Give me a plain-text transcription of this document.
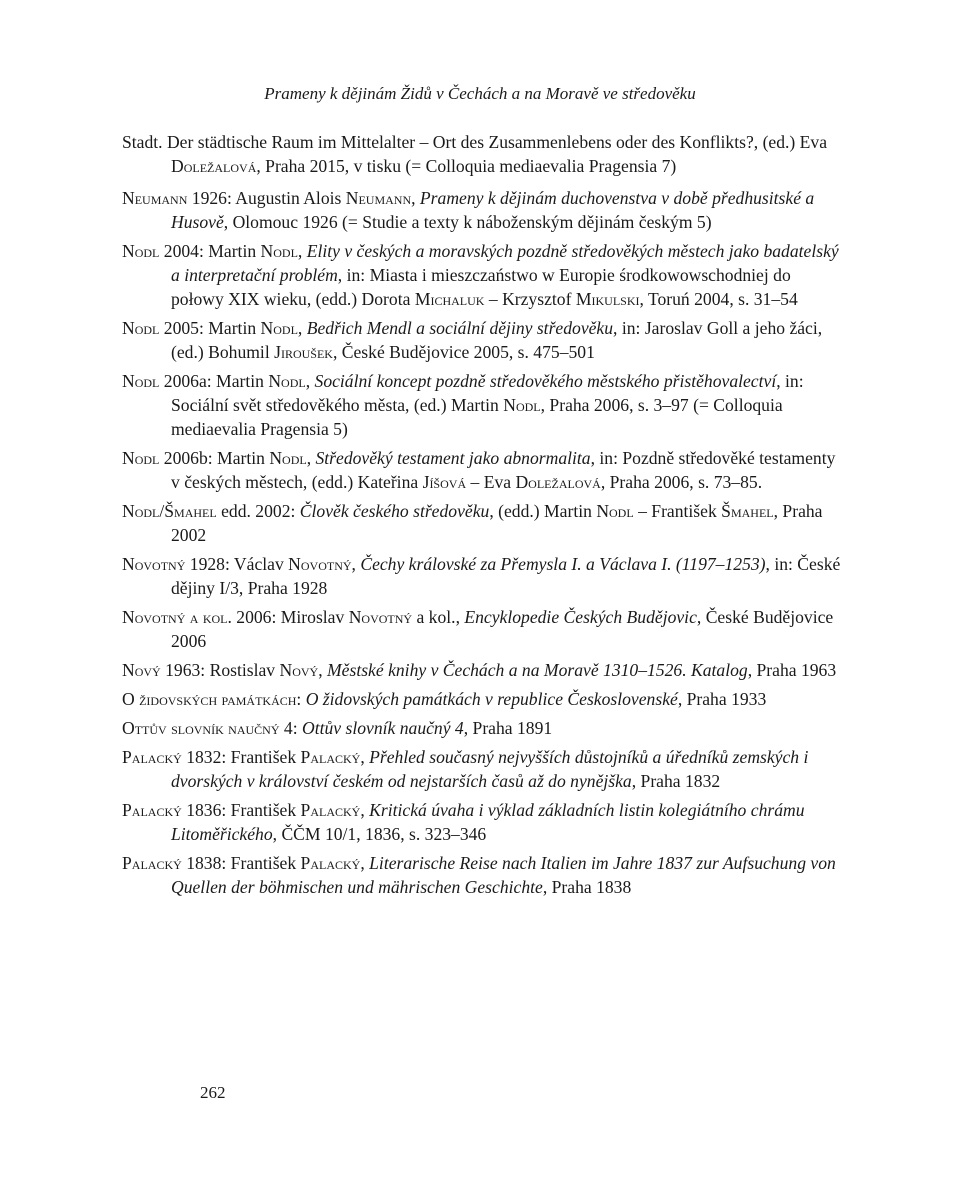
Prameny k dějinám Židů v Čechách a na Moravě ve středověku

Stadt. Der städtische Raum im Mittelalter – Ort des Zusammenlebens oder des Konflikts?, (ed.) Eva Doležalová, Praha 2015, v tisku (= Colloquia mediaevalia Pragensia 7)

Neumann 1926: Augustin Alois Neumann, Prameny k dějinám duchovenstva v době předhusitské a Husově, Olomouc 1926 (= Studie a texty k náboženským dějinám českým 5)

Nodl 2004: Martin Nodl, Elity v českých a moravských pozdně středověkých městech jako badatelský a interpretační problém, in: Miasta i mieszczaństwo w Europie środkowowschodniej do połowy XIX wieku, (edd.) Dorota Michaluk – Krzysztof Mikulski, Toruń 2004, s. 31–54

Nodl 2005: Martin Nodl, Bedřich Mendl a sociální dějiny středověku, in: Jaroslav Goll a jeho žáci, (ed.) Bohumil Jiroušek, České Budějovice 2005, s. 475–501

Nodl 2006a: Martin Nodl, Sociální koncept pozdně středověkého městského přistěhovalectví, in: Sociální svět středověkého města, (ed.) Martin Nodl, Praha 2006, s. 3–97 (= Colloquia mediaevalia Pragensia 5)

Nodl 2006b: Martin Nodl, Středověký testament jako abnormalita, in: Pozdně středověké testamenty v českých městech, (edd.) Kateřina Jíšová – Eva Doležalová, Praha 2006, s. 73–85.

Nodl/Šmahel edd. 2002: Člověk českého středověku, (edd.) Martin Nodl – František Šmahel, Praha 2002

Novotný 1928: Václav Novotný, Čechy královské za Přemysla I. a Václava I. (1197–1253), in: České dějiny I/3, Praha 1928

Novotný a kol. 2006: Miroslav Novotný a kol., Encyklopedie Českých Budějovic, České Budějovice 2006

Nový 1963: Rostislav Nový, Městské knihy v Čechách a na Moravě 1310–1526. Katalog, Praha 1963

O židovských památkách: O židovských památkách v republice Československé, Praha 1933

Ottův slovník naučný 4: Ottův slovník naučný 4, Praha 1891

Palacký 1832: František Palacký, Přehled současný nejvyšších důstojníků a úředníků zemských i dvorských v království českém od nejstarších časů až do nynějška, Praha 1832

Palacký 1836: František Palacký, Kritická úvaha i výklad základních listin kolegiátního chrámu Litoměřického, ČČM 10/1, 1836, s. 323–346

Palacký 1838: František Palacký, Literarische Reise nach Italien im Jahre 1837 zur Aufsuchung von Quellen der böhmischen und mährischen Geschichte, Praha 1838

262
